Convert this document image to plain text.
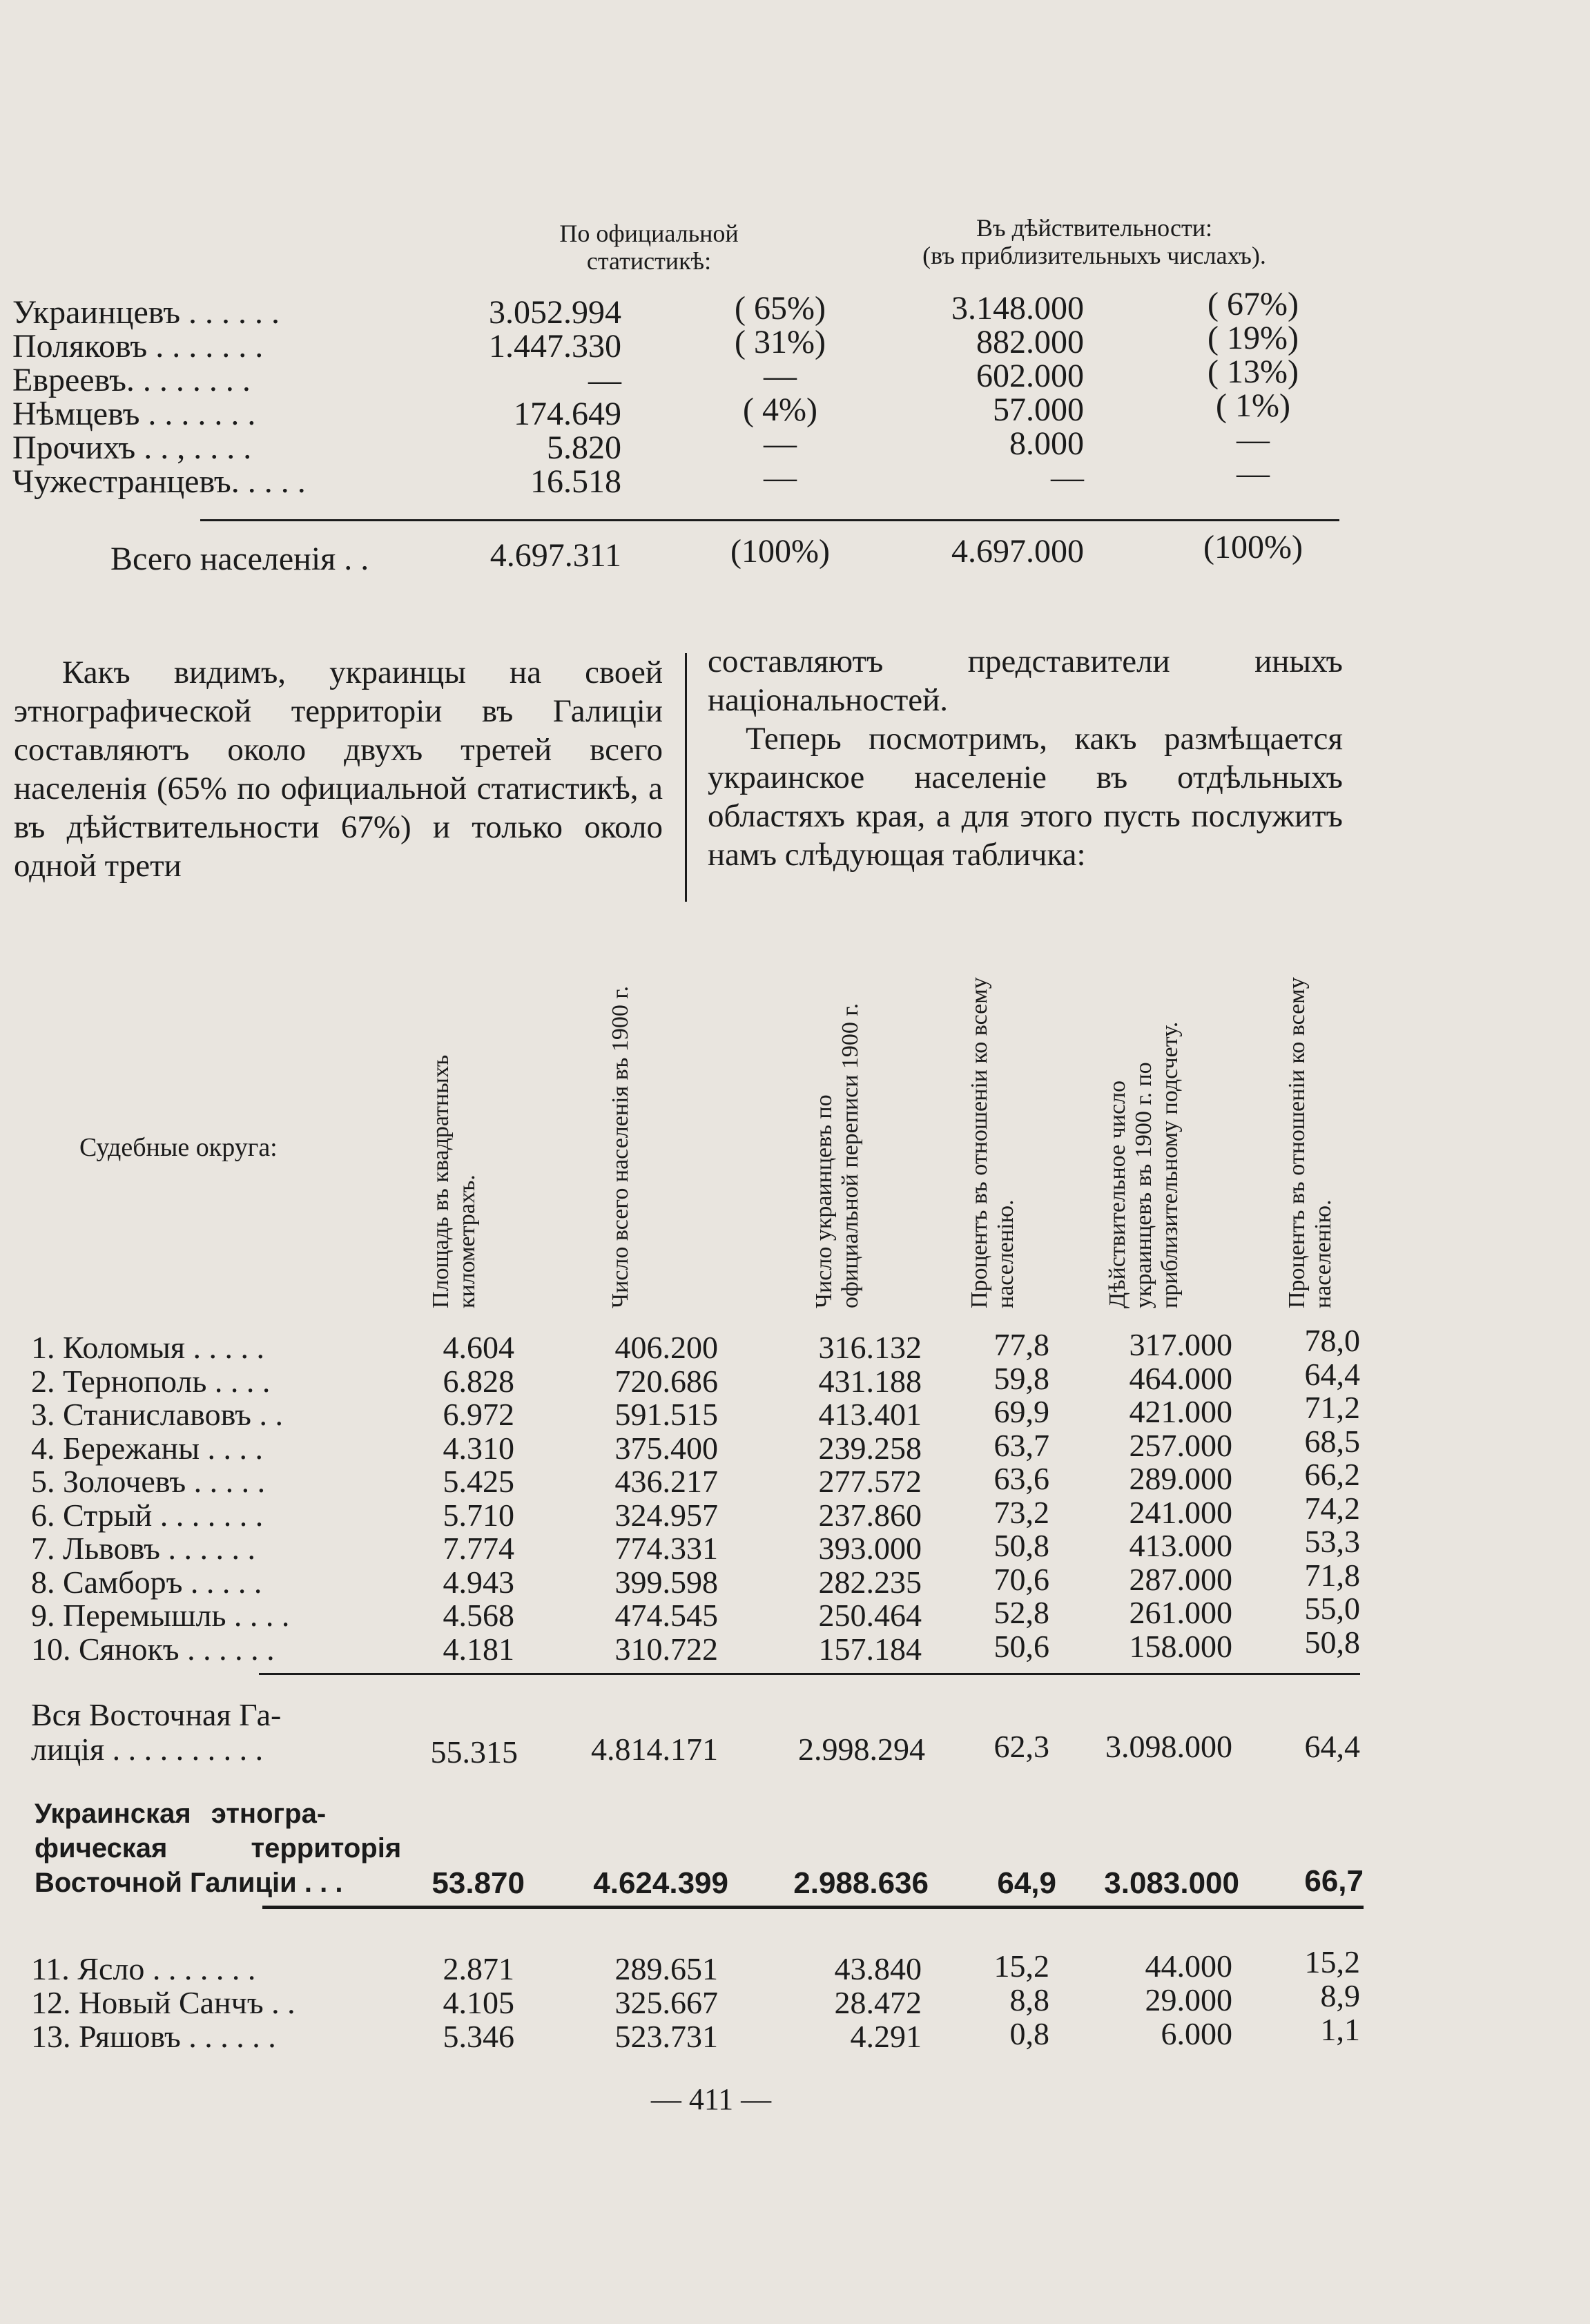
По официальной
статистикѣ:
Въ дѣйствительности:
(въ приблизительныхъ числахъ).
Украинцевъ . . . . . .	3.052.994	( 65%)	3.148.000	( 67%)
Поляковъ . . . . . . .	1.447.330	( 31%)	882.000	( 19%)
Евреевъ. . . . . . . .	—	—	602.000	( 13%)
Нѣмцевъ . . . . . . .	174.649	( 4%)	57.000	( 1%)
Прочихъ . . , . . . .	5.820	—	8.000	—
Чужестранцевъ. . . . .	16.518	—	—	—
Всего населенія . .	4.697.311	(100%)	4.697.000	(100%)

Какъ видимъ, украинцы на своей этнографической территоріи въ Галиціи составляютъ около двухъ третей всего населенія (65% по официальной статистикѣ, а въ дѣйствительности 67%) и только около одной трети

составляютъ представители иныхъ національностей.

Теперь посмотримъ, какъ размѣщается украинское населеніе въ отдѣльныхъ областяхъ края, а для этого пусть послужитъ намъ слѣдующая табличка:

Судебные округа:	Площадь въ квадратныхъ километрахъ.	Число всего населенія въ 1900 г.	Число украинцевъ по официальной переписи 1900 г.	Процентъ въ отношеніи ко всему населенію.	Дѣйствительное число украинцевъ въ 1900 г. по приблизительному подсчету.	Процентъ въ отношеніи ко всему населенію.
1. Коломыя . . . . .	4.604	406.200	316.132	77,8	317.000	78,0
2. Тернополь . . . .	6.828	720.686	431.188	59,8	464.000	64,4
3. Станиславовъ . .	6.972	591.515	413.401	69,9	421.000	71,2
4. Бережаны . . . .	4.310	375.400	239.258	63,7	257.000	68,5
5. Золочевъ . . . . .	5.425	436.217	277.572	63,6	289.000	66,2
6. Стрый . . . . . . .	5.710	324.957	237.860	73,2	241.000	74,2
7. Львовъ . . . . . .	7.774	774.331	393.000	50,8	413.000	53,3
8. Самборъ . . . . .	4.943	399.598	282.235	70,6	287.000	71,8
9. Перемышль . . . .	4.568	474.545	250.464	52,8	261.000	55,0
10. Сянокъ . . . . . .	4.181	310.722	157.184	50,6	158.000	50,8
Вся Восточная Га-
лиція . . . . . . . . . .	55.315	4.814.171	2.998.294	62,3	3.098.000	64,4
Украинская этногра-
фическая территорія
Восточной Галиціи . . .	53.870	4.624.399	2.988.636	64,9	3.083.000	66,7
11. Ясло . . . . . . .	2.871	289.651	43.840	15,2	44.000	15,2
12. Новый Санчъ . .	4.105	325.667	28.472	8,8	29.000	8,9
13. Ряшовъ . . . . . .	5.346	523.731	4.291	0,8	6.000	1,1
— 411 —
